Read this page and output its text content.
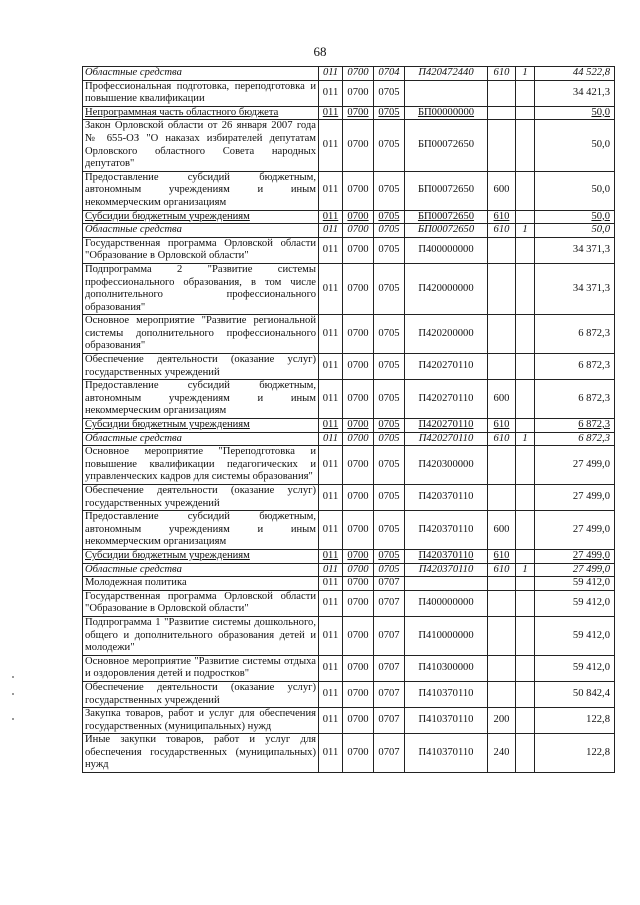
68
Областные средства	011	0700	0704	П420472440	610	1	44 522,8
Профессиональная подготовка, переподготовка и повышение квалификации	011	0700	0705				34 421,3
Непрограммная часть областного бюджета	011	0700	0705	БП00000000			50,0
Закон Орловской области от 26 января 2007 года № 655-ОЗ "О наказах избирателей депутатам Орловского областного Совета народных депутатов"	011	0700	0705	БП00072650			50,0
Предоставление субсидий бюджетным, автономным учреждениям и иным некоммерческим организациям	011	0700	0705	БП00072650	600		50,0
Субсидии бюджетным учреждениям	011	0700	0705	БП00072650	610		50,0
Областные средства	011	0700	0705	БП00072650	610	1	50,0
Государственная программа Орловской области "Образование в Орловской области"	011	0700	0705	П400000000			34 371,3
Подпрограмма 2 "Развитие системы профессионального образования, в том числе дополнительного профессионального образования"	011	0700	0705	П420000000			34 371,3
Основное мероприятие "Развитие региональной системы дополнительного профессионального образования"	011	0700	0705	П420200000			6 872,3
Обеспечение деятельности (оказание услуг) государственных учреждений	011	0700	0705	П420270110			6 872,3
Предоставление субсидий бюджетным, автономным учреждениям и иным некоммерческим организациям	011	0700	0705	П420270110	600		6 872,3
Субсидии бюджетным учреждениям	011	0700	0705	П420270110	610		6 872,3
Областные средства	011	0700	0705	П420270110	610	1	6 872,3
Основное мероприятие "Переподготовка и повышение квалификации педагогических и управленческих кадров для системы образования"	011	0700	0705	П420300000			27 499,0
Обеспечение деятельности (оказание услуг) государственных учреждений	011	0700	0705	П420370110			27 499,0
Предоставление субсидий бюджетным, автономным учреждениям и иным некоммерческим организациям	011	0700	0705	П420370110	600		27 499,0
Субсидии бюджетным учреждениям	011	0700	0705	П420370110	610		27 499,0
Областные средства	011	0700	0705	П420370110	610	1	27 499,0
Молодежная политика	011	0700	0707				59 412,0
Государственная программа Орловской области "Образование в Орловской области"	011	0700	0707	П400000000			59 412,0
Подпрограмма 1 "Развитие системы дошкольного, общего и дополнительного образования детей и молодежи"	011	0700	0707	П410000000			59 412,0
Основное мероприятие "Развитие системы отдыха и оздоровления детей и подростков"	011	0700	0707	П410300000			59 412,0
Обеспечение деятельности (оказание услуг) государственных учреждений	011	0700	0707	П410370110			50 842,4
Закупка товаров, работ и услуг для обеспечения государственных (муниципальных) нужд	011	0700	0707	П410370110	200		122,8
Иные закупки товаров, работ и услуг для обеспечения государственных (муниципальных) нужд	011	0700	0707	П410370110	240		122,8
